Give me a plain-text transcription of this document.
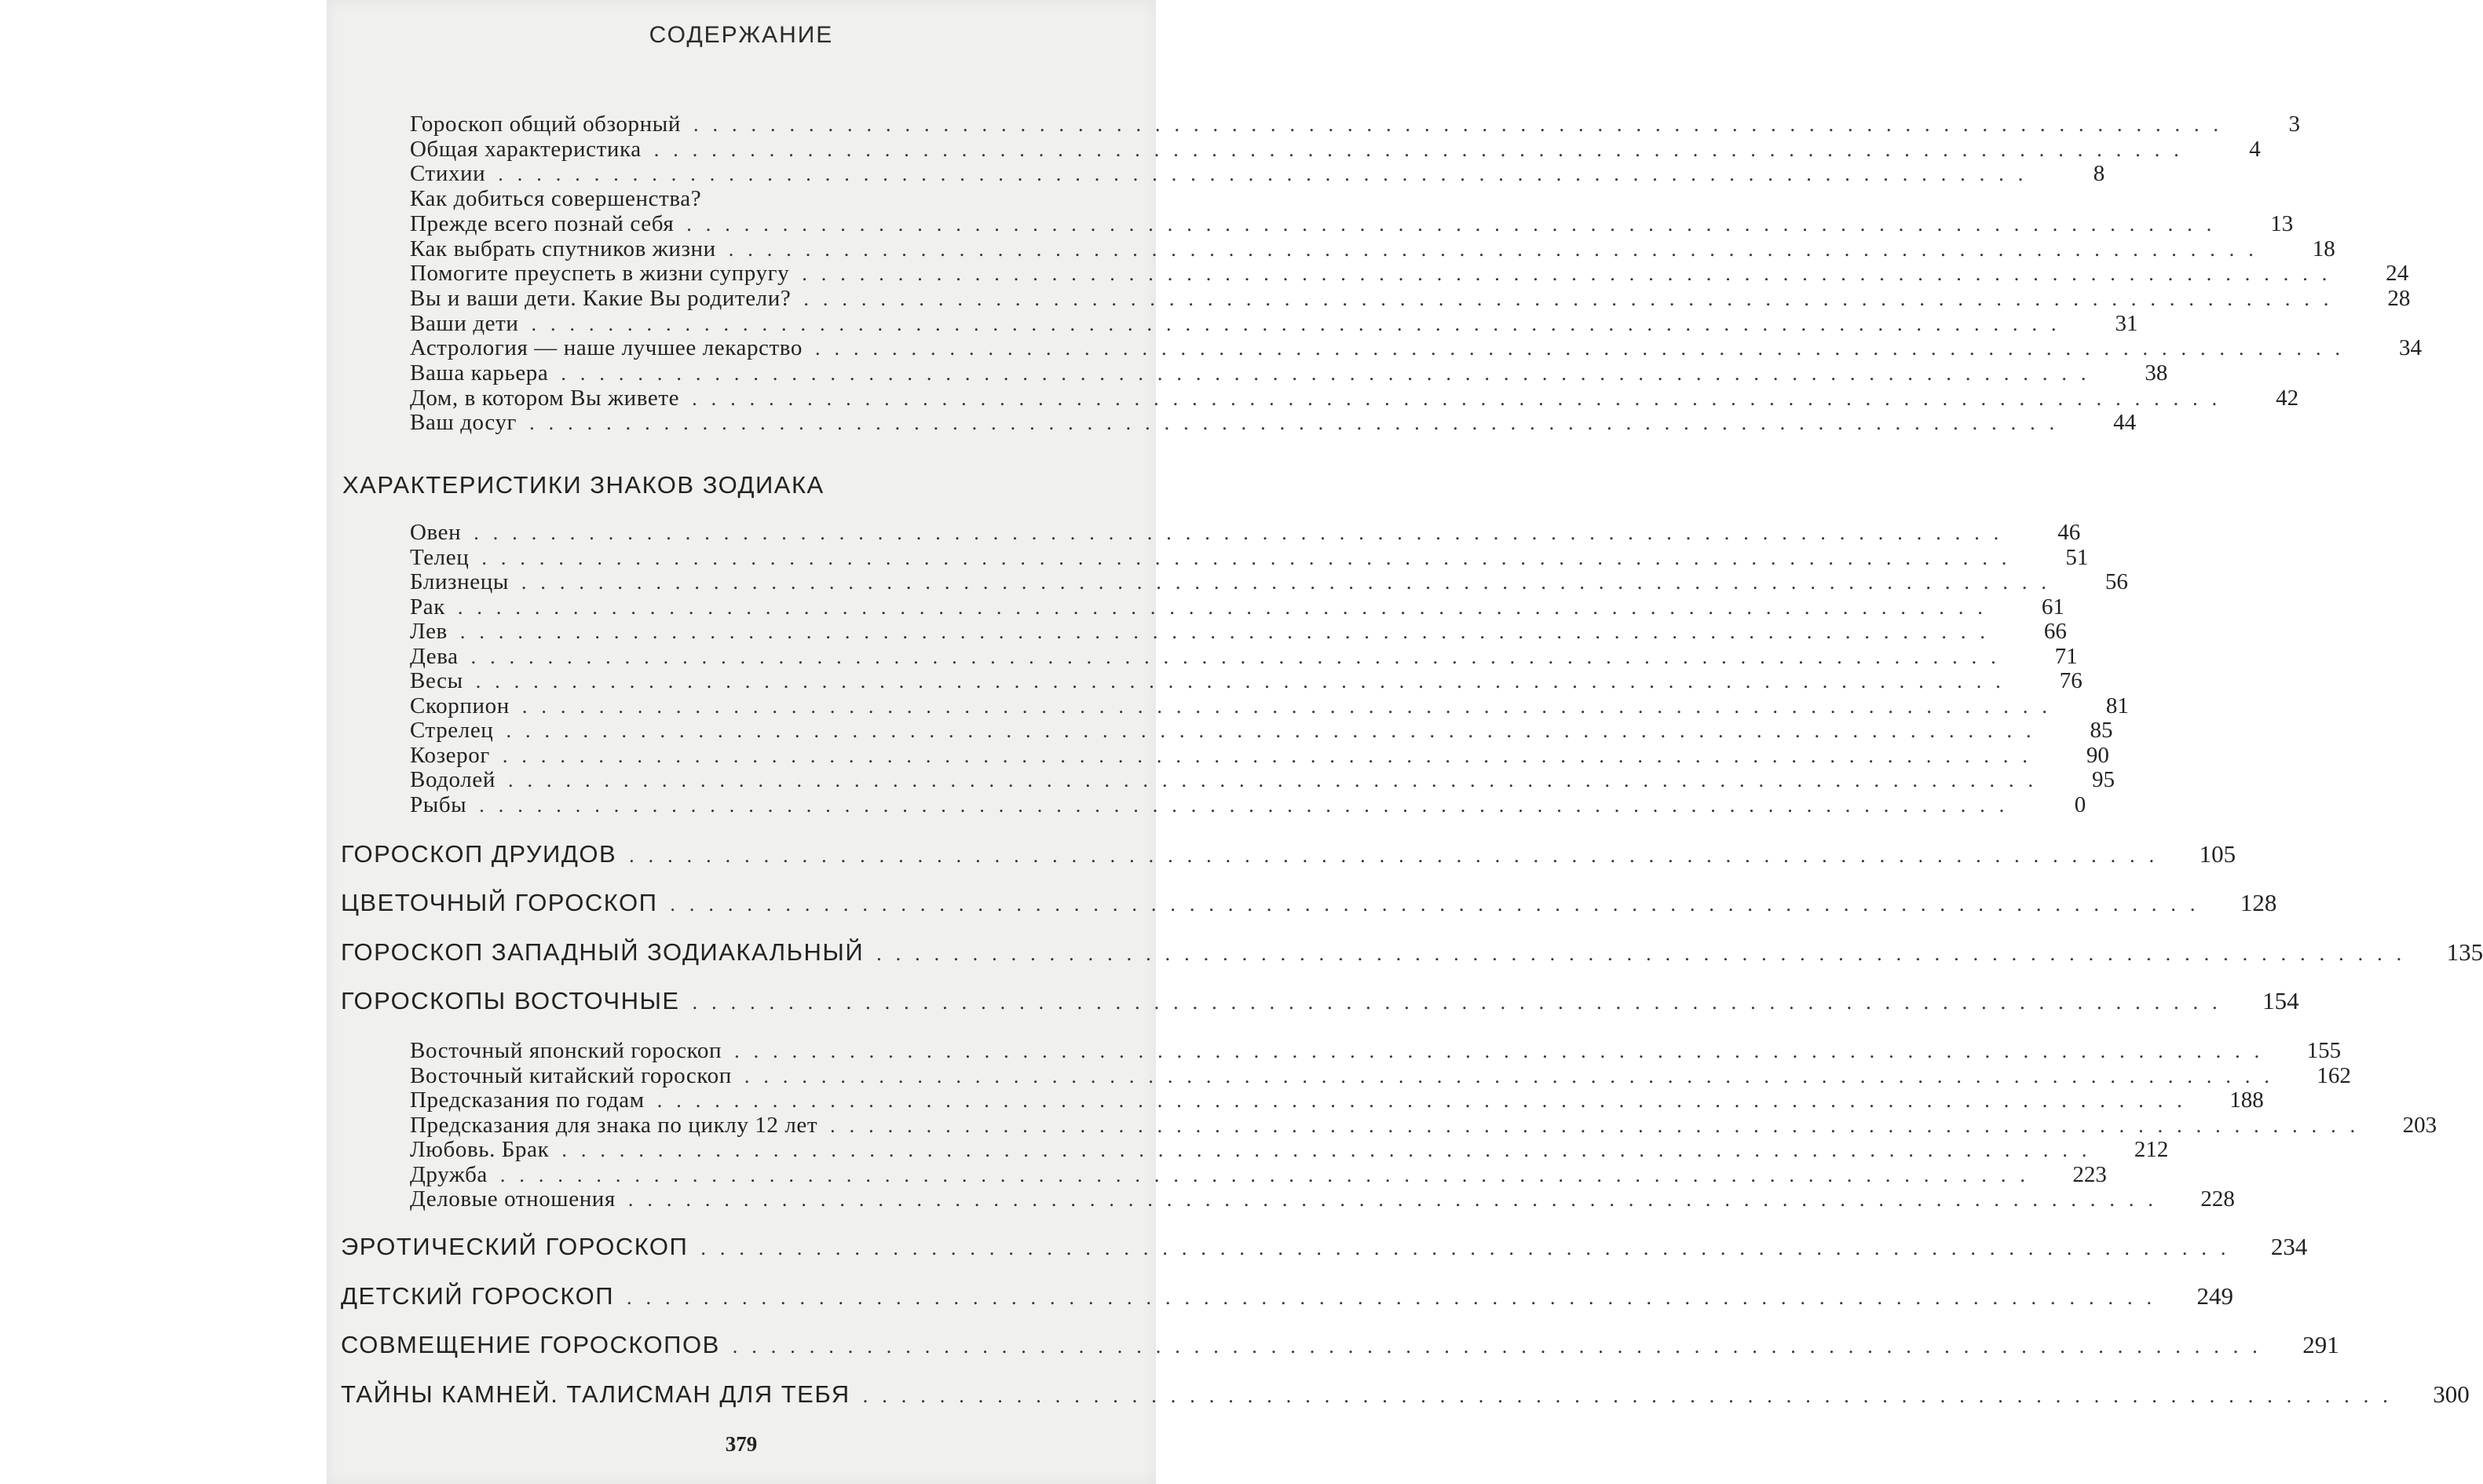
СОДЕРЖАНИЕ
Гороскоп общий обзорный ................................................................................	3
Общая характеристика ................................................................................	4
Стихии ................................................................................	8
Как добиться совершенства?
Прежде всего познай себя ................................................................................	13
Как выбрать спутников жизни ................................................................................	18
Помогите преуспеть в жизни супругу ................................................................................	24
Вы и ваши дети. Какие Вы родители? ................................................................................	28
Ваши дети ................................................................................	31
Астрология — наше лучшее лекарство ................................................................................	34
Ваша карьера ................................................................................	38
Дом, в котором Вы живете ................................................................................	42
Ваш досуг ................................................................................	44
ХАРАКТЕРИСТИКИ ЗНАКОВ ЗОДИАКА
Овен ................................................................................	46
Телец ................................................................................	51
Близнецы ................................................................................	56
Рак ................................................................................	61
Лев ................................................................................	66
Дева ................................................................................	71
Весы ................................................................................	76
Скорпион ................................................................................	81
Стрелец ................................................................................	85
Козерог ................................................................................	90
Водолей ................................................................................	95
Рыбы ................................................................................	0
ГОРОСКОП ДРУИДОВ ................................................................................	105
ЦВЕТОЧНЫЙ ГОРОСКОП ................................................................................	128
ГОРОСКОП ЗАПАДНЫЙ ЗОДИАКАЛЬНЫЙ ................................................................................	135
ГОРОСКОПЫ ВОСТОЧНЫЕ ................................................................................	154
Восточный японский гороскоп ................................................................................	155
Восточный китайский гороскоп ................................................................................	162
Предсказания по годам ................................................................................	188
Предсказания для знака по циклу 12 лет ................................................................................	203
Любовь. Брак ................................................................................	212
Дружба ................................................................................	223
Деловые отношения ................................................................................	228
ЭРОТИЧЕСКИЙ ГОРОСКОП ................................................................................	234
ДЕТСКИЙ ГОРОСКОП ................................................................................	249
СОВМЕЩЕНИЕ ГОРОСКОПОВ ................................................................................	291
ТАЙНЫ КАМНЕЙ. ТАЛИСМАН ДЛЯ ТЕБЯ ................................................................................	300
379
